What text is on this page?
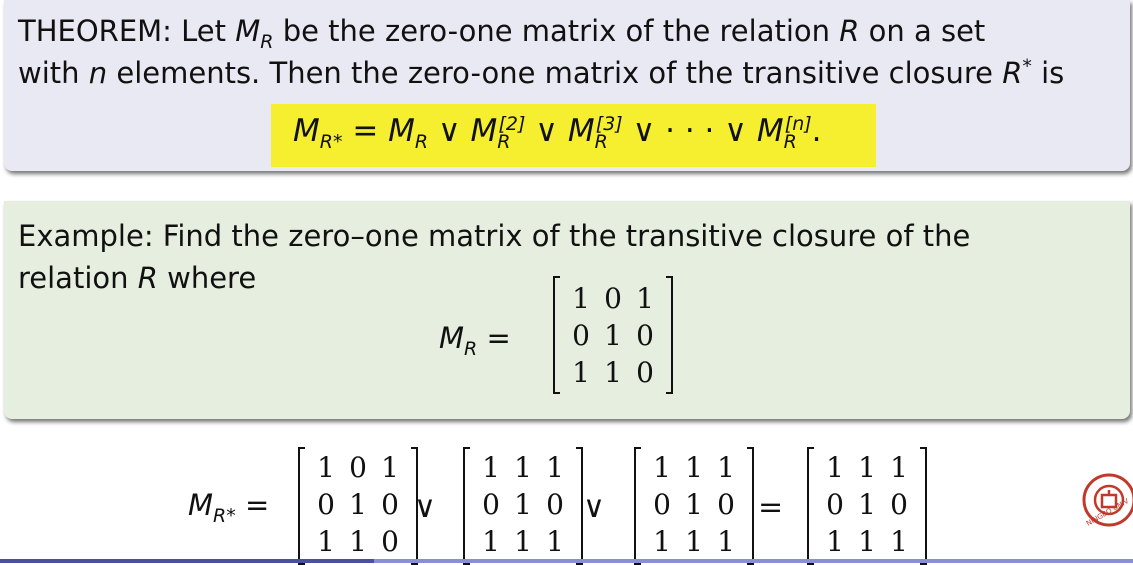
THEOREM: Let $M_R$ be the zero-one matrix of the relation R on a set
with n elements. Then the zero-one matrix of the transitive closure R* is
$M_{R*} = M_R$ ∨ $M_R[2]$ ∨ $M_R[3]$ ∨ · · · ∨ $M_R[n]$.
Example: Find the zero–one matrix of the transitive closure of the
relation R where
$M_R$ =
1 0 1
0 1 0
1 1 0
$M_{R*}$ =
1 0 1
0 1 0
1 1 0
∨
1 1 1
0 1 0
1 1 1
∨
1 1 1
0 1 0
1 1 1
=
1 1 1
0 1 0
1 1 1
NINGBO UNIV
